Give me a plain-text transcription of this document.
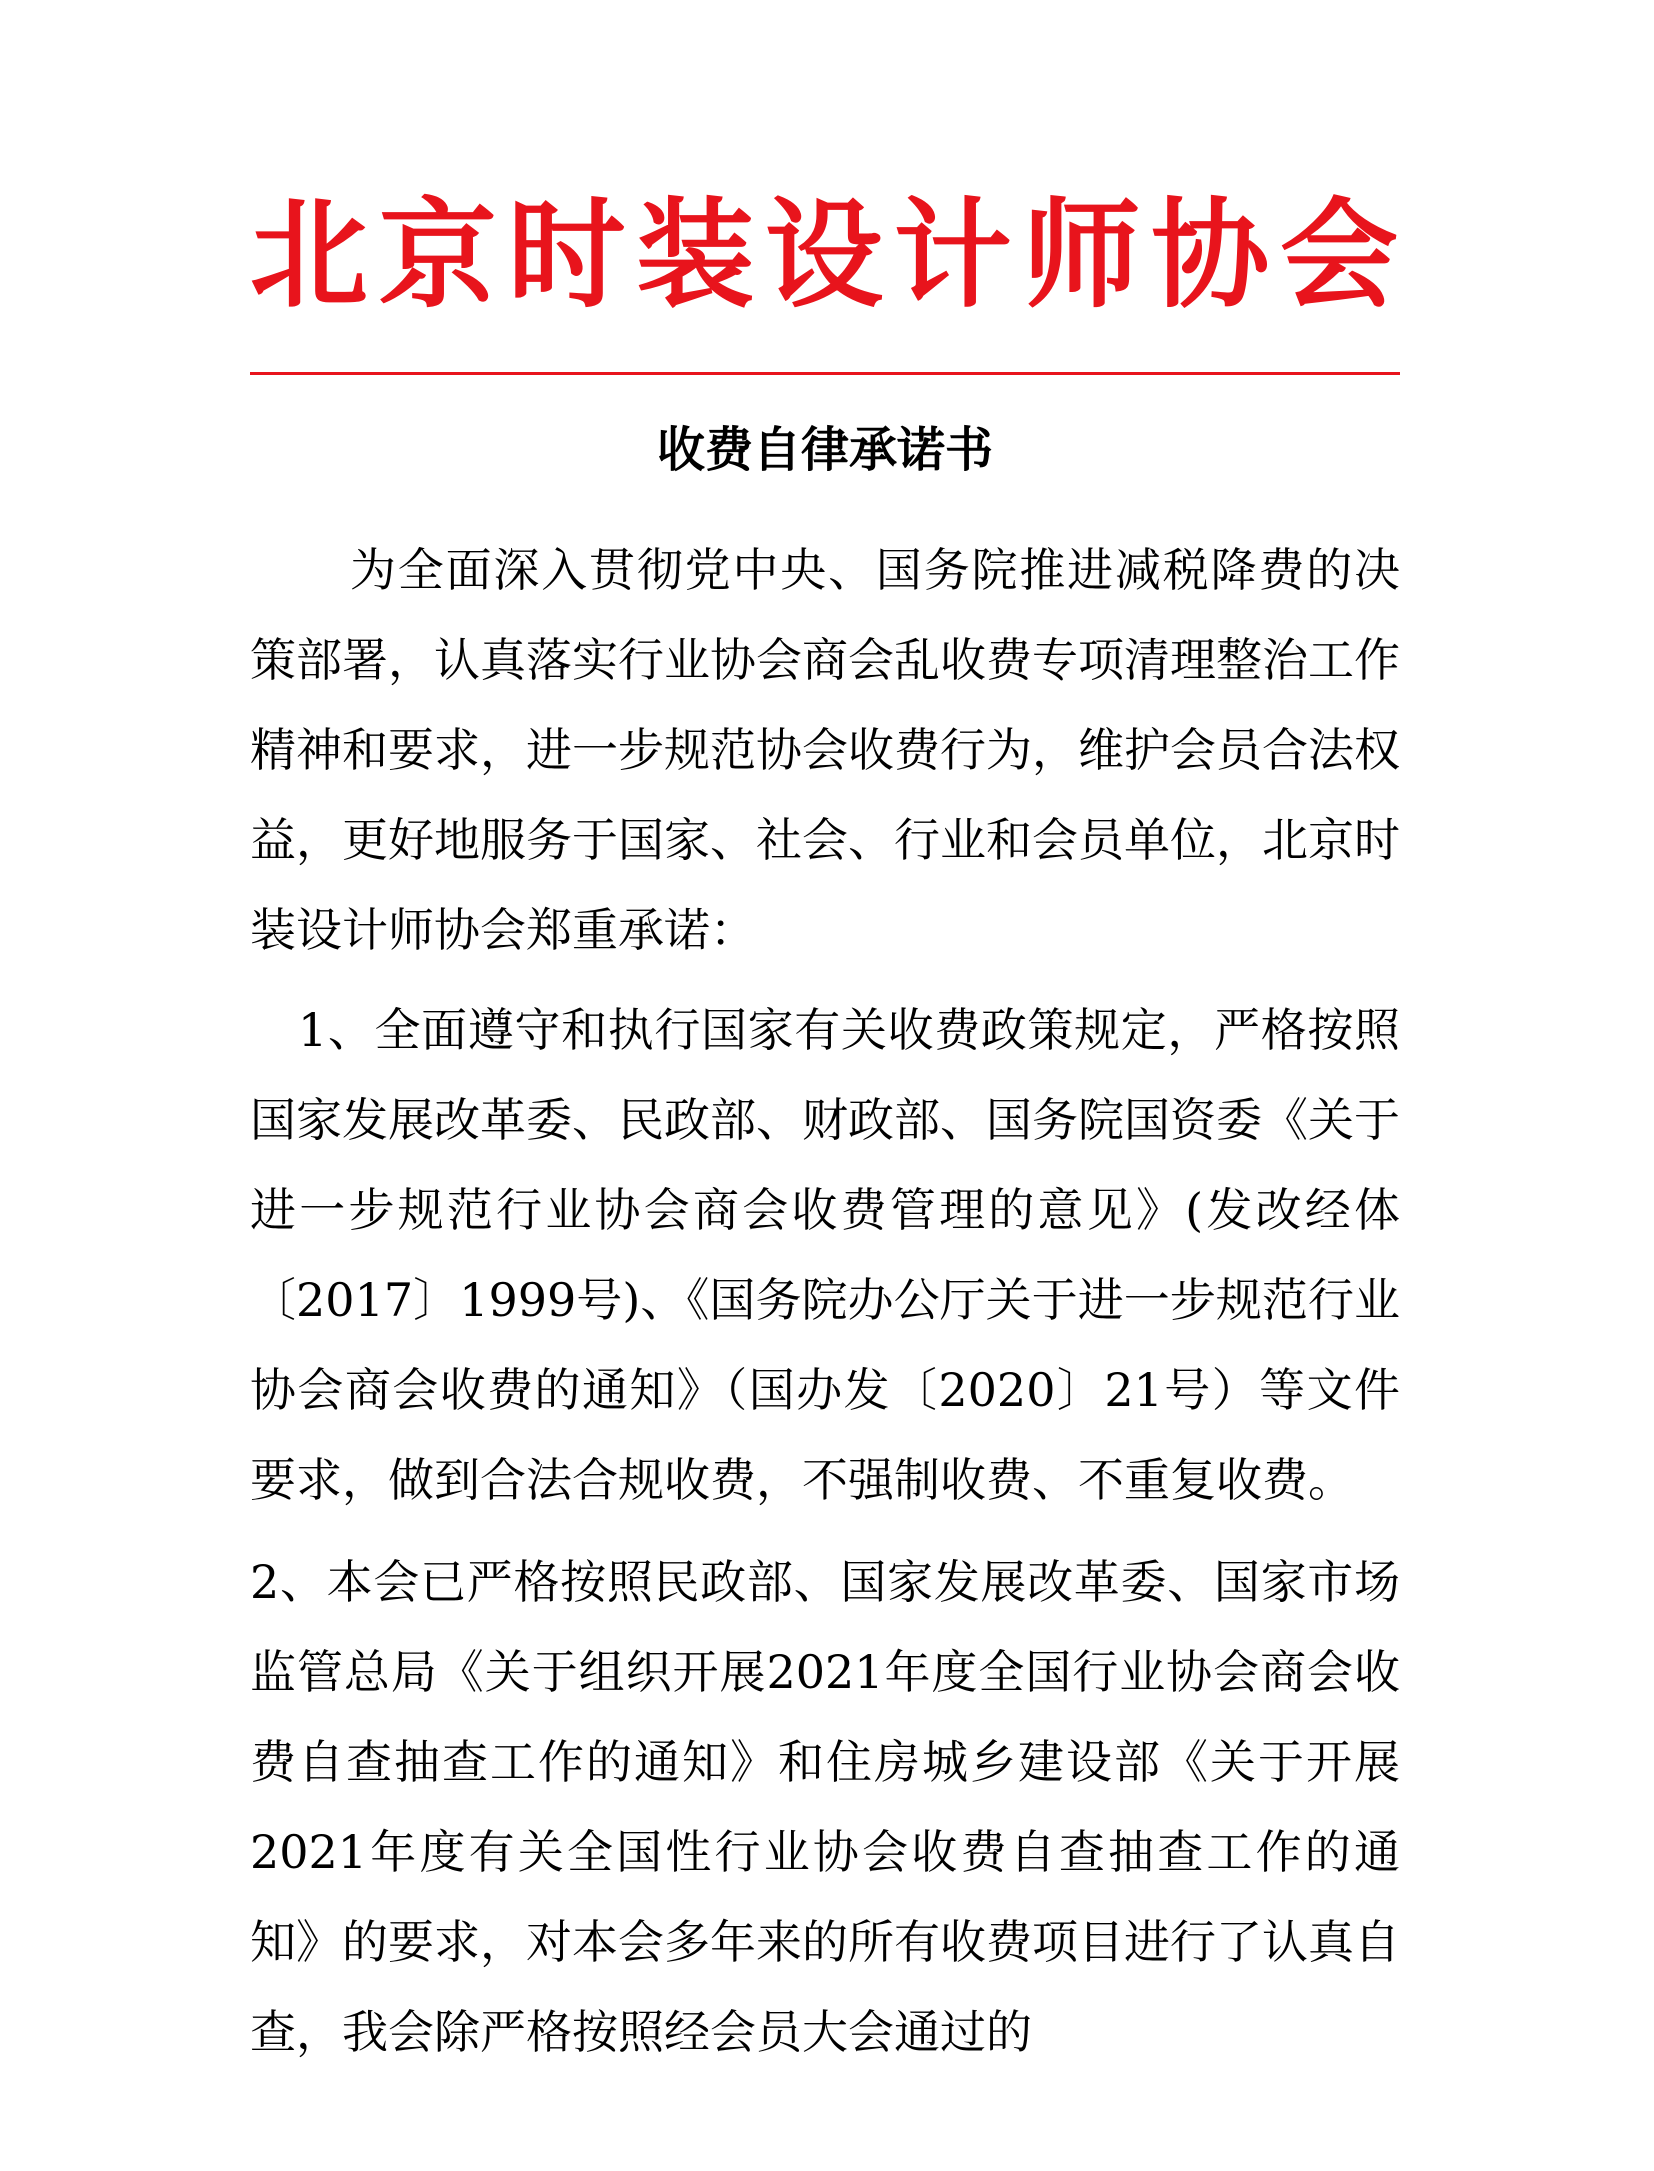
北京时装设计师协会
收费自律承诺书

为全面深入贯彻党中央、国务院推进减税降费的决策部署，认真落实行业协会商会乱收费专项清理整治工作精神和要求，进一步规范协会收费行为，维护会员合法权益，更好地服务于国家、社会、行业和会员单位，北京时装设计师协会郑重承诺：

1、全面遵守和执行国家有关收费政策规定，严格按照国家发展改革委、民政部、财政部、国务院国资委《关于进一步规范行业协会商会收费管理的意见》(发改经体〔2017〕1999号)、《国务院办公厅关于进一步规范行业协会商会收费的通知》（国办发〔2020〕21号）等文件要求，做到合法合规收费，不强制收费、不重复收费。

2、本会已严格按照民政部、国家发展改革委、国家市场监管总局《关于组织开展2021年度全国行业协会商会收费自查抽查工作的通知》和住房城乡建设部《关于开展2021年度有关全国性行业协会收费自查抽查工作的通知》的要求，对本会多年来的所有收费项目进行了认真自查，我会除严格按照经会员大会通过的
